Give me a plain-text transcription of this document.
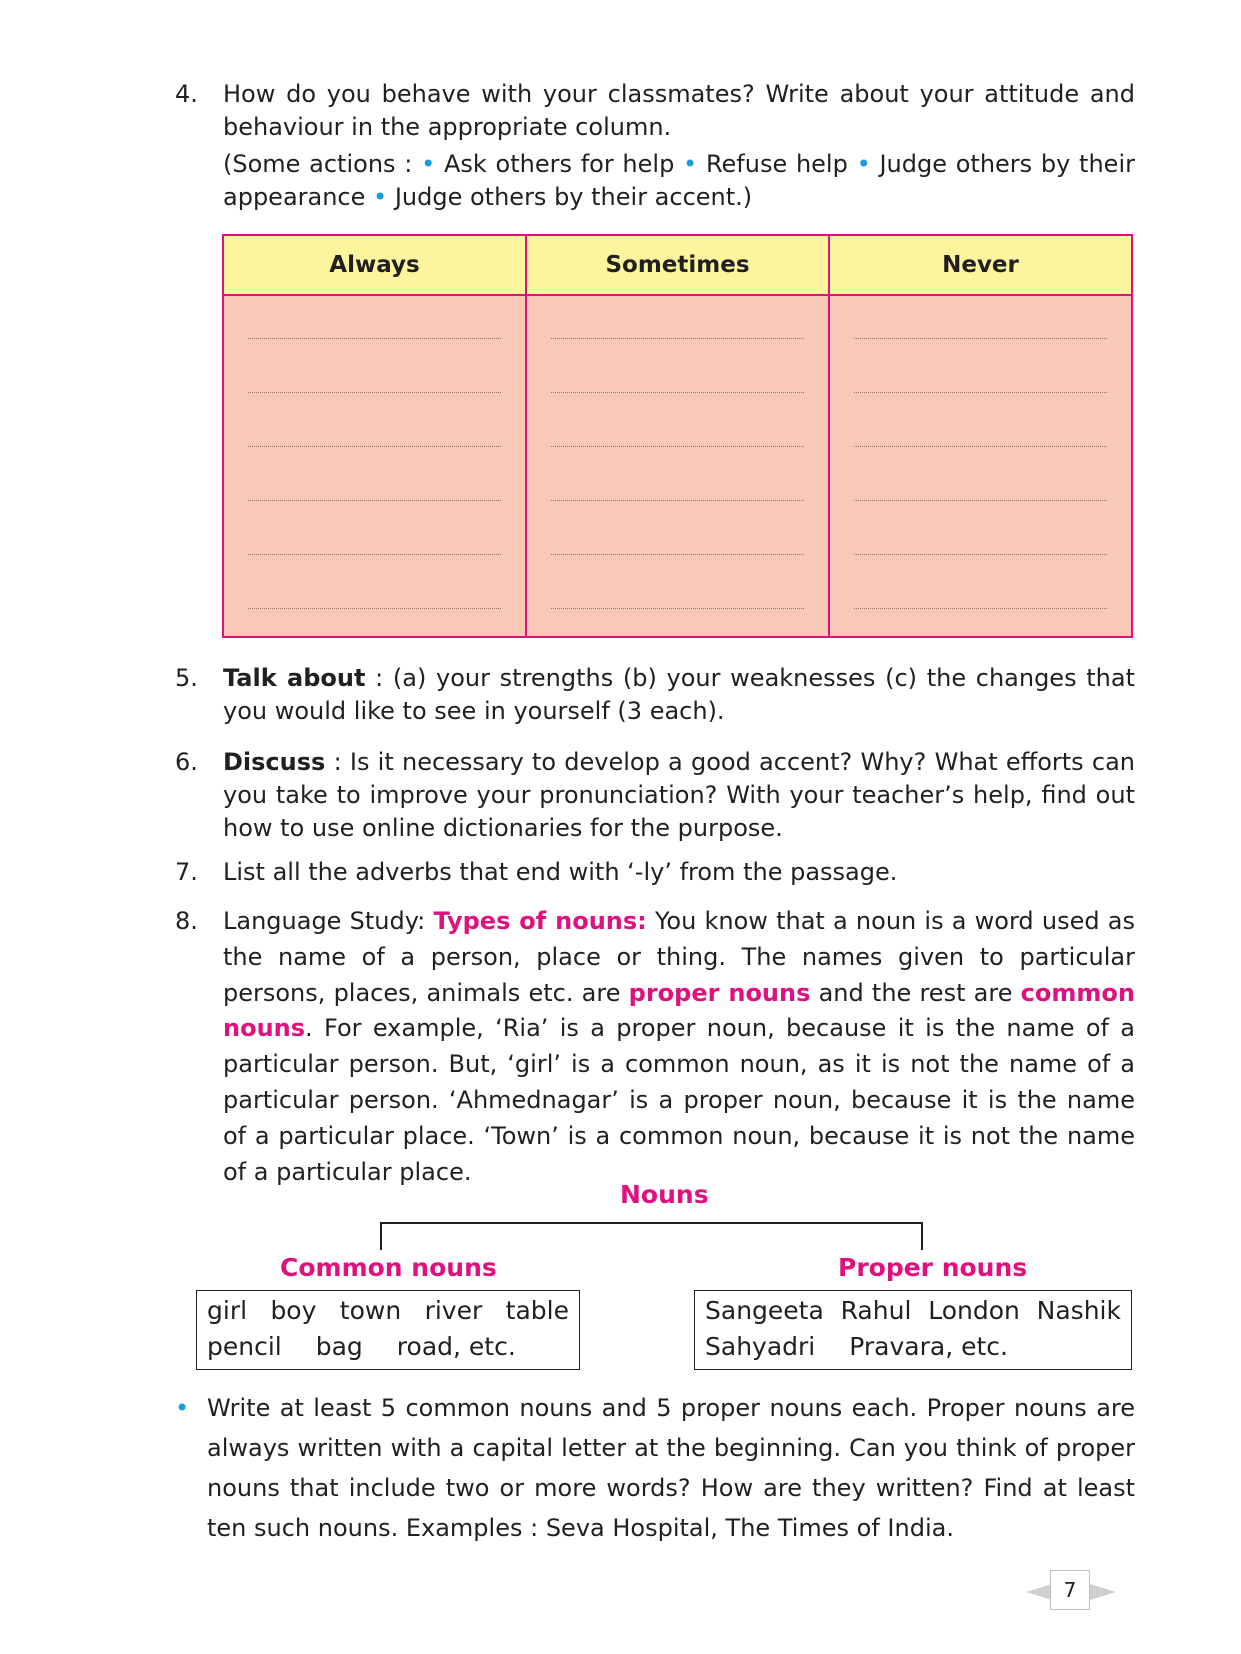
4.	How do you behave with your classmates? Write about your attitude and behaviour in the appropriate column.
(Some actions : • Ask others for help • Refuse help • Judge others by their appearance • Judge others by their accent.)
Always	Sometimes	Never
5.	Talk about : (a) your strengths (b) your weaknesses (c) the changes that you would like to see in yourself (3 each).
6.	Discuss : Is it necessary to develop a good accent? Why? What efforts can you take to improve your pronunciation? With your teacher’s help, find out how to use online dictionaries for the purpose.
7.	List all the adverbs that end with ‘-ly’ from the passage.
8.	Language Study: Types of nouns: You know that a noun is a word used as the name of a person, place or thing. The names given to particular persons, places, animals etc. are proper nouns and the rest are common nouns. For example, ‘Ria’ is a proper noun, because it is the name of a particular person. But, ‘girl’ is a common noun, as it is not the name of a particular person. ‘Ahmednagar’ is a proper noun, because it is the name of a particular place. ‘Town’ is a common noun, because it is not the name of a particular place.
Nouns
Common nouns	Proper nouns
girl boy town river table
pencil bag road, etc.
Sangeeta Rahul London Nashik
Sahyadri Pravara, etc.
• Write at least 5 common nouns and 5 proper nouns each. Proper nouns are always written with a capital letter at the beginning. Can you think of proper nouns that include two or more words? How are they written? Find at least ten such nouns. Examples : Seva Hospital, The Times of India.
7
